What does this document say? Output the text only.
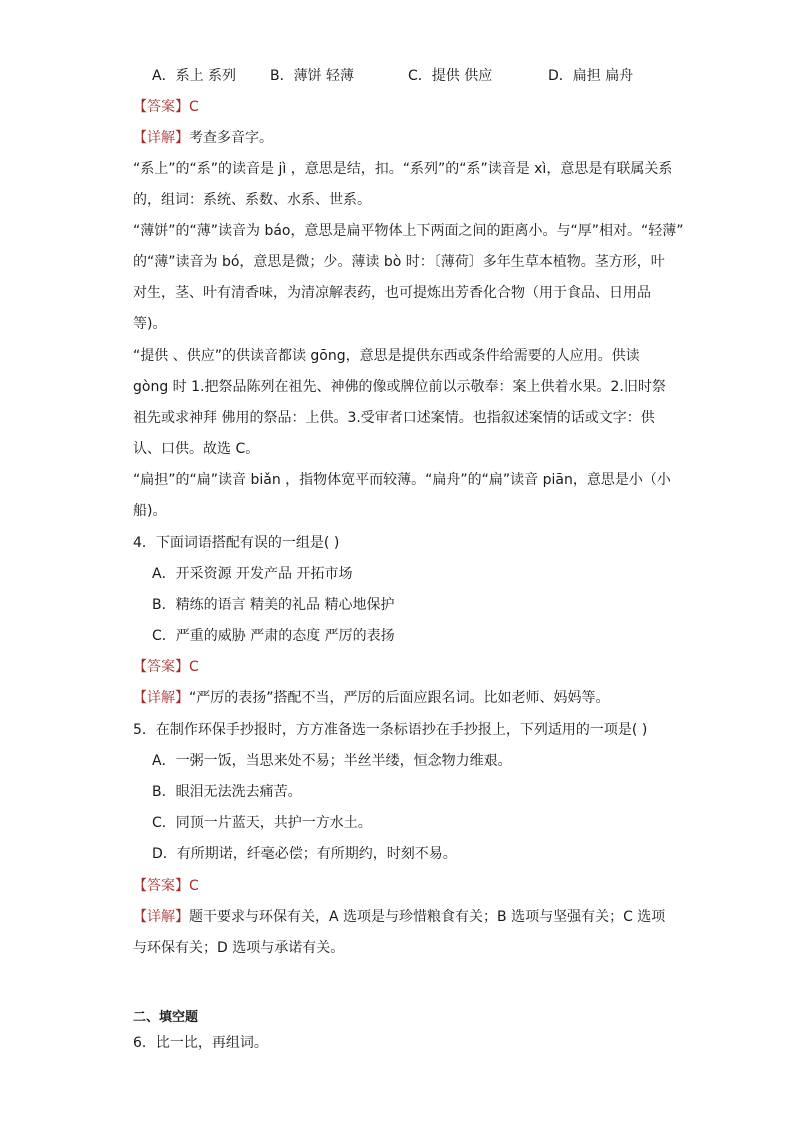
A．系上 系列 B．薄饼 轻薄	C．提供 供应	D．扁担 扁舟
【答案】C
【详解】考查多音字。
“系上”的“系”的读音是 jì ，意思是结，扣。“系列”的“系”读音是 xì，意思是有联属关系
的，组词：系统、系数、水系、世系。
“薄饼”的“薄”读音为 báo，意思是扁平物体上下两面之间的距离小。与“厚”相对。“轻薄”
的“薄”读音为 bó，意思是微；少。薄读 bò 时：〔薄荷〕多年生草本植物。茎方形，叶
对生，茎、叶有清香味，为清凉解表药，也可提炼出芳香化合物（用于食品、日用品
等)。
“提供 、供应”的供读音都读 gōng，意思是提供东西或条件给需要的人应用。供读
gòng 时 1.把祭品陈列在祖先、神佛的像或牌位前以示敬奉：案上供着水果。2.旧时祭
祖先或求神拜 佛用的祭品：上供。3.受审者口述案情。也指叙述案情的话或文字：供
认、口供。故选 C。
“扁担”的“扁”读音 biǎn ，指物体宽平而较薄。“扁舟”的“扁”读音 piān，意思是小（小
船)。
4．下面词语搭配有误的一组是( )
A．开采资源 开发产品 开拓市场
B．精练的语言 精美的礼品 精心地保护
C．严重的威胁 严肃的态度 严厉的表扬
【答案】C
【详解】“严厉的表扬”搭配不当，严厉的后面应跟名词。比如老师、妈妈等。
5．在制作环保手抄报时，方方准备选一条标语抄在手抄报上，下列适用的一项是( )
A．一粥一饭，当思来处不易；半丝半缕，恒念物力维艰。
B．眼泪无法洗去痛苦。
C．同顶一片蓝天，共护一方水土。
D．有所期诺，纤毫必偿；有所期约，时刻不易。
【答案】C
【详解】题干要求与环保有关，A 选项是与珍惜粮食有关；B 选项与坚强有关；C 选项
与环保有关；D 选项与承诺有关。
二、填空题
6．比一比，再组词。
